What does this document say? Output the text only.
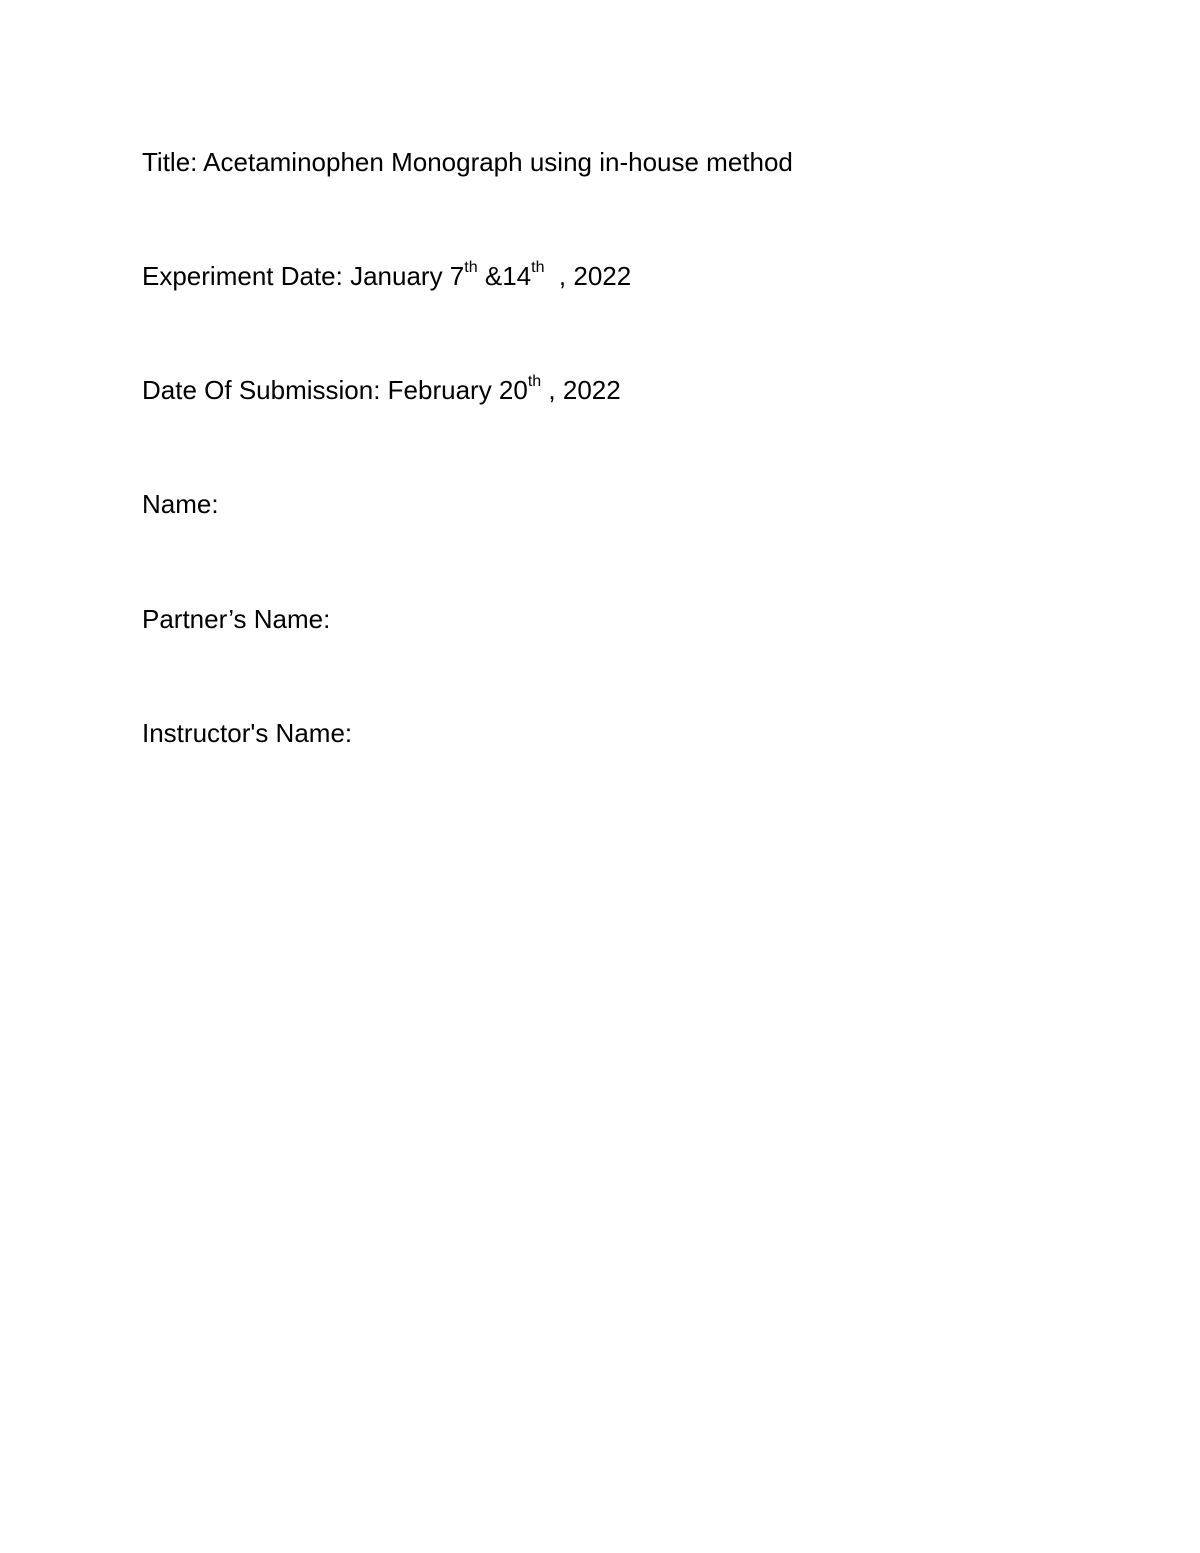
Title: Acetaminophen Monograph using in-house method
Experiment Date: January 7th &14th  , 2022
Date Of Submission: February 20th , 2022
Name:
Partner’s Name:
Instructor's Name:
